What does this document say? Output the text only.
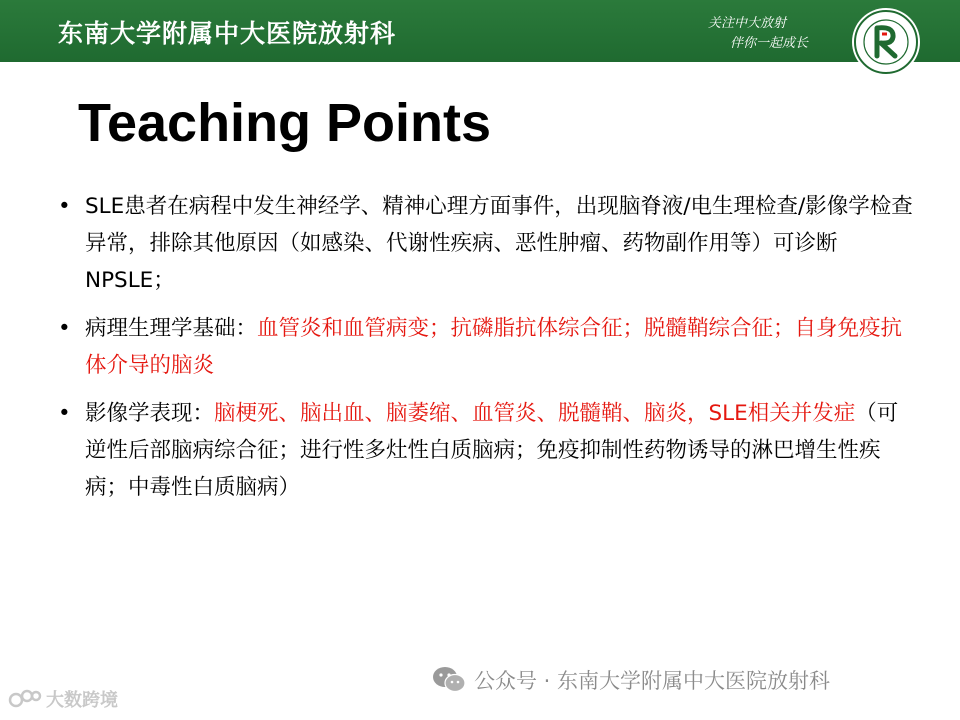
东南大学附属中大医院放射科	关注中大放射
伴你一起成长
Teaching Points
• SLE患者在病程中发生神经学、精神心理方面事件，出现脑脊液/电生理检查/影像学检查异常，排除其他原因（如感染、代谢性疾病、恶性肿瘤、药物副作用等）可诊断NPSLE；
• 病理生理学基础：血管炎和血管病变；抗磷脂抗体综合征；脱髓鞘综合征；自身免疫抗体介导的脑炎
• 影像学表现：脑梗死、脑出血、脑萎缩、血管炎、脱髓鞘、脑炎，SLE相关并发症（可逆性后部脑病综合征；进行性多灶性白质脑病；免疫抑制性药物诱导的淋巴增生性疾病；中毒性白质脑病）
公众号 · 东南大学附属中大医院放射科
大数跨境
